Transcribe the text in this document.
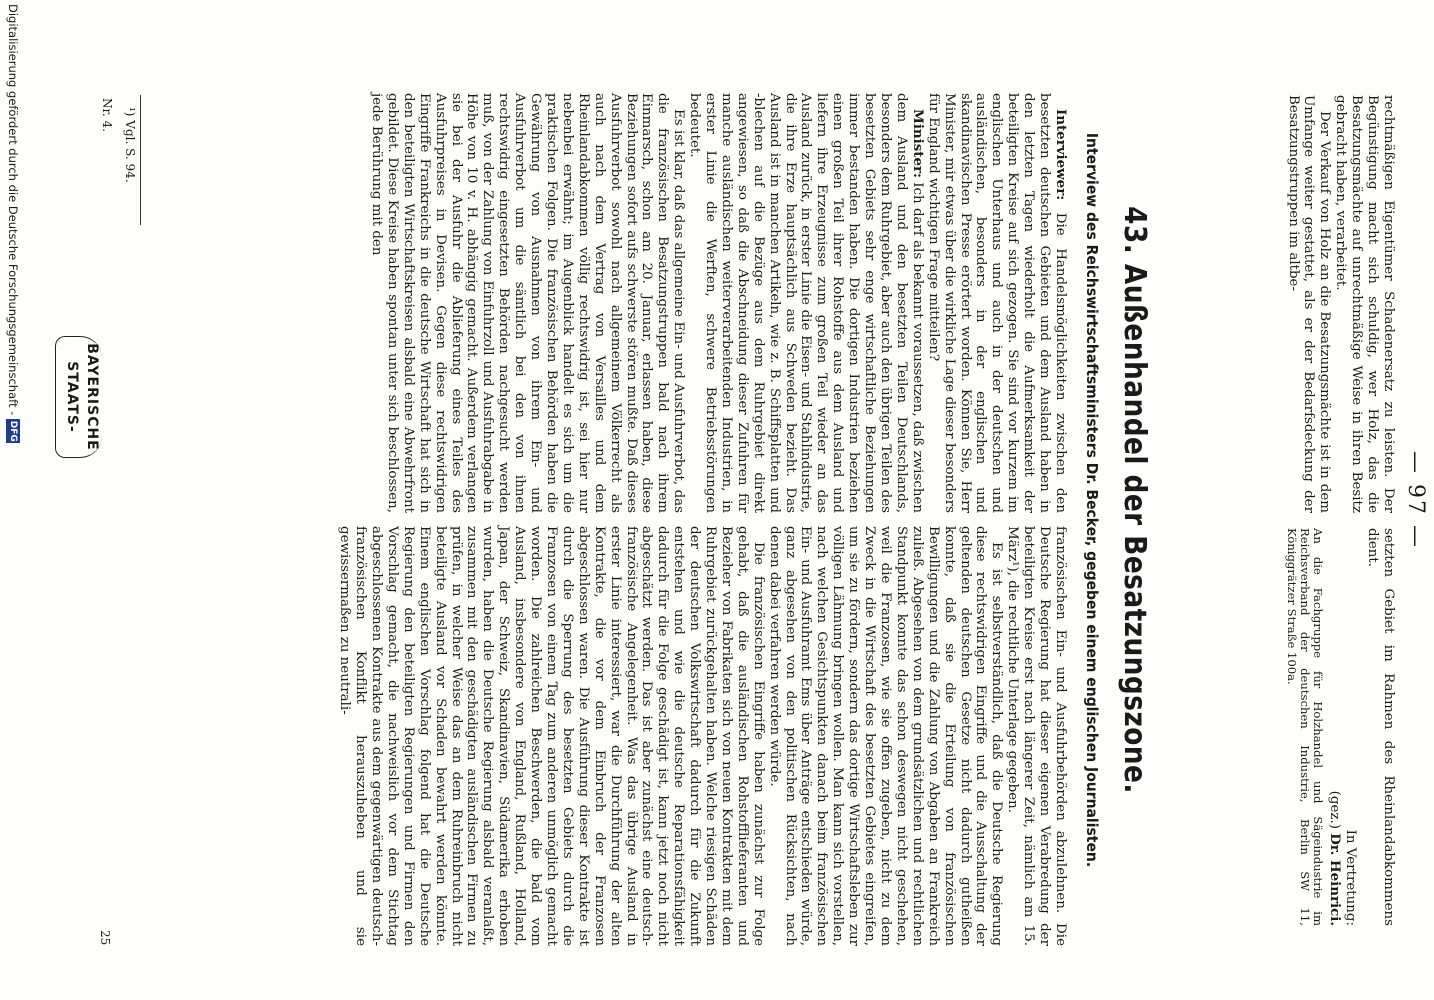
— 97 —

rechtmäßigen Eigentümer Schadenersatz zu leisten. Der Begünstigung macht sich schuldig, wer Holz, das die Besatzungsmächte auf unrechtmäßige Weise in ihren Besitz gebracht haben, verarbeitet.

Der Verkauf von Holz an die Besatzungsmächte ist in dem Umfange weiter gestattet, als er der Bedarfsdeckung der Besatzungstruppen im altbe-

setzten Gebiet im Rahmen des Rheinlandabkommens dient.

In Vertretung:

(gez.) Dr. Heinrici.

An die Fachgruppe für Holzhandel und Sägeindustrie im Reichsverband der deutschen Industrie, Berlin SW 11, Königgrätzer Straße 100a.

43. Außenhandel der Besatzungszone.
Interview des Reichswirtschaftsministers Dr. Becker, gegeben einem englischen Journalisten.

Interviewer: Die Handelsmöglichkeiten zwischen den besetzten deutschen Gebieten und dem Ausland haben in den letzten Tagen wiederholt die Aufmerksamkeit der beteiligten Kreise auf sich gezogen. Sie sind vor kurzem im englischen Unterhaus und auch in der deutschen und ausländischen, besonders in der englischen und skandinavischen Presse erörtert worden. Können Sie, Herr Minister, mir etwas über die wirkliche Lage dieser besonders für England wichtigen Frage mitteilen?

Minister: Ich darf als bekannt voraussetzen, daß zwischen dem Ausland und den besetzten Teilen Deutschlands, besonders dem Ruhrgebiet, aber auch den übrigen Teilen des besetzten Gebiets sehr enge wirtschaftliche Beziehungen immer bestanden haben. Die dortigen Industrien beziehen einen großen Teil ihrer Rohstoffe aus dem Ausland und liefern ihre Erzeugnisse zum großen Teil wieder an das Ausland zurück, in erster Linie die Eisen- und Stahlindustrie, die ihre Erze hauptsächlich aus Schweden bezieht. Das Ausland ist in manchen Artikeln, wie z. B. Schiffsplatten und -blechen auf die Bezüge aus dem Ruhrgebiet direkt angewiesen, so daß die Abschneidung dieser Zufuhren für manche ausländischen weiterverarbeitenden Industrien, in erster Linie die Werften, schwere Betriebsstörungen bedeutet.

Es ist klar, daß das allgemeine Ein- und Ausfuhrverbot, das die französischen Besatzungstruppen bald nach ihrem Einmarsch, schon am 20. Januar, erlassen haben, diese Beziehungen sofort aufs schwerste stören mußte. Daß dieses Ausfuhrverbot sowohl nach allgemeinem Völkerrecht als auch nach dem Vertrag von Versailles und dem Rheinlandabkommen völlig rechtswidrig ist, sei hier nur nebenbei erwähnt; im Augenblick handelt es sich um die praktischen Folgen. Die französischen Behörden haben die Gewährung von Ausnahmen von ihrem Ein- und Ausfuhrverbot um die sämtlich bei den von ihnen rechtswidrig eingesetzten Behörden nachgesucht werden muß, von der Zahlung von Einfuhrzoll und Ausfuhrabgabe in Höhe von 10 v. H. abhängig gemacht. Außerdem verlangen sie bei der Ausfuhr die Ablieferung eines Teiles des Ausfuhrpreises in Devisen. Gegen diese rechtswidrigen Eingriffe Frankreichs in die deutsche Wirtschaft hat sich in den beteiligten Wirtschaftskreisen alsbald eine Abwehrfront gebildet. Diese Kreise haben spontan unter sich beschlossen, jede Berührung mit den

französischen Ein- und Ausfuhrbehörden abzulehnen. Die Deutsche Regierung hat dieser eigenen Verabredung der beteiligten Kreise erst nach längerer Zeit, nämlich am 15. März¹), die rechtliche Unterlage gegeben.

Es ist selbstverständlich, daß die Deutsche Regierung diese rechtswidrigen Eingriffe und die Ausschaltung der geltenden deutschen Gesetze nicht dadurch gutheißen konnte, daß sie die Erteilung von französischen Bewilligungen und die Zahlung von Abgaben an Frankreich zuließ. Abgesehen von dem grundsätzlichen und rechtlichen Standpunkt konnte das schon deswegen nicht geschehen, weil die Franzosen, wie sie offen zugeben, nicht zu dem Zweck in die Wirtschaft des besetzten Gebietes eingreifen, um sie zu fördern, sondern das dortige Wirtschaftsleben zur völligen Lähmung bringen wollen. Man kann sich vorstellen, nach welchen Gesichtspunkten danach beim französischen Ein- und Ausfuhramt Ems über Anträge entschieden würde, ganz abgesehen von den politischen Rücksichten, nach denen dabei verfahren werden würde.

Die französischen Eingriffe haben zunächst zur Folge gehabt, daß die ausländischen Rohstofflieferanten und Bezieher von Fabrikaten sich von neuen Kontrakten mit dem Ruhrgebiet zurückgehalten haben. Welche riesigen Schäden der deutschen Volkswirtschaft dadurch für die Zukunft entstehen und wie die deutsche Reparationsfähigkeit dadurch für die Folge geschädigt ist, kann jetzt noch nicht abgeschätzt werden. Das ist aber zunächst eine deutsch-französische Angelegenheit. Was das übrige Ausland in erster Linie interessiert, war die Durchführung der alten Kontrakte, die vor dem Einbruch der Franzosen abgeschlossen waren. Die Ausführung dieser Kontrakte ist durch die Sperrung des besetzten Gebiets durch die Franzosen von einem Tag zum anderen unmöglich gemacht worden. Die zahlreichen Beschwerden, die bald vom Ausland, insbesondere von England, Rußland, Holland, Japan, der Schweiz, Skandinavien, Südamerika erhoben wurden, haben die Deutsche Regierung alsbald veranlaßt, zusammen mit den geschädigten ausländischen Firmen zu prüfen, in welcher Weise das an dem Ruhreinbruch nicht beteiligte Ausland vor Schaden bewahrt werden könnte. Einem englischen Vorschlag folgend hat die Deutsche Regierung den beteiligten Regierungen und Firmen den Vorschlag gemacht, die nachweislich vor dem Stichtag abgeschlossenen Kontrakte aus dem gegenwärtigen deutsch-französischen Konflikt herauszuheben und sie gewissermaßen zu neutrali-

¹) Vgl. S. 94.
Nr. 4.
25
BAYERISCHE
STAATS-
Digitalisierung gefördert durch die Deutsche Forschungsgemeinschaft -
DFG
